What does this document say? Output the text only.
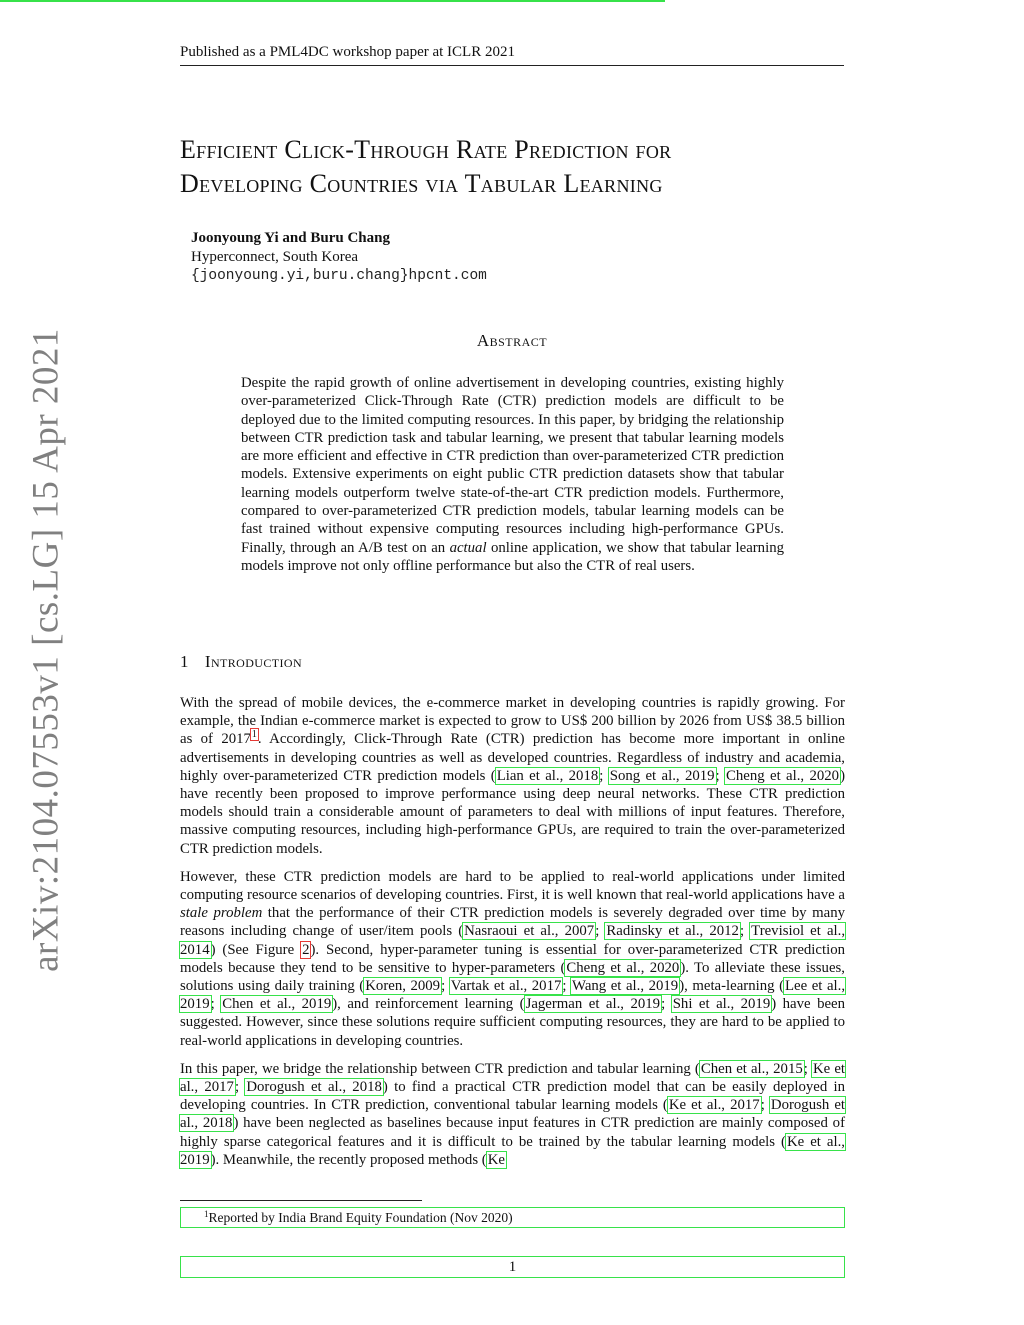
Published as a PML4DC workshop paper at ICLR 2021
Efficient Click-Through Rate Prediction for
Developing Countries via Tabular Learning
Joonyoung Yi and Buru Chang
Hyperconnect, South Korea
{joonyoung.yi,buru.chang}hpcnt.com
Abstract
Despite the rapid growth of online advertisement in developing countries, existing highly over-parameterized Click-Through Rate (CTR) prediction models are difficult to be deployed due to the limited computing resources. In this paper, by bridging the relationship between CTR prediction task and tabular learning, we present that tabular learning models are more efficient and effective in CTR prediction than over-parameterized CTR prediction models. Extensive experiments on eight public CTR prediction datasets show that tabular learning models outperform twelve state-of-the-art CTR prediction models. Furthermore, compared to over-parameterized CTR prediction models, tabular learning models can be fast trained without expensive computing resources including high-performance GPUs. Finally, through an A/B test on an actual online application, we show that tabular learning models improve not only offline performance but also the CTR of real users.
1 Introduction

With the spread of mobile devices, the e-commerce market in developing countries is rapidly growing. For example, the Indian e-commerce market is expected to grow to US$ 200 billion by 2026 from US$ 38.5 billion as of 2017$^1$. Accordingly, Click-Through Rate (CTR) prediction has become more important in online advertisements in developing countries as well as developed countries. Regardless of industry and academia, highly over-parameterized CTR prediction models (Lian et al., 2018; Song et al., 2019; Cheng et al., 2020) have recently been proposed to improve performance using deep neural networks. These CTR prediction models should train a considerable amount of parameters to deal with millions of input features. Therefore, massive computing resources, including high-performance GPUs, are required to train the over-parameterized CTR prediction models.

However, these CTR prediction models are hard to be applied to real-world applications under limited computing resource scenarios of developing countries. First, it is well known that real-world applications have a stale problem that the performance of their CTR prediction models is severely degraded over time by many reasons including change of user/item pools (Nasraoui et al., 2007; Radinsky et al., 2012; Trevisiol et al., 2014) (See Figure 2). Second, hyper-parameter tuning is essential for over-parameterized CTR prediction models because they tend to be sensitive to hyper-parameters (Cheng et al., 2020). To alleviate these issues, solutions using daily training (Koren, 2009; Vartak et al., 2017; Wang et al., 2019), meta-learning (Lee et al., 2019; Chen et al., 2019), and reinforcement learning (Jagerman et al., 2019; Shi et al., 2019) have been suggested. However, since these solutions require sufficient computing resources, they are hard to be applied to real-world applications in developing countries.

In this paper, we bridge the relationship between CTR prediction and tabular learning (Chen et al., 2015; Ke et al., 2017; Dorogush et al., 2018) to find a practical CTR prediction model that can be easily deployed in developing countries. In CTR prediction, conventional tabular learning models (Ke et al., 2017; Dorogush et al., 2018) have been neglected as baselines because input features in CTR prediction are mainly composed of highly sparse categorical features and it is difficult to be trained by the tabular learning models (Ke et al., 2019). Meanwhile, the recently proposed methods (Ke

$^1$Reported by India Brand Equity Foundation (Nov 2020)
1
arXiv:2104.07553v1 [cs.LG] 15 Apr 2021
